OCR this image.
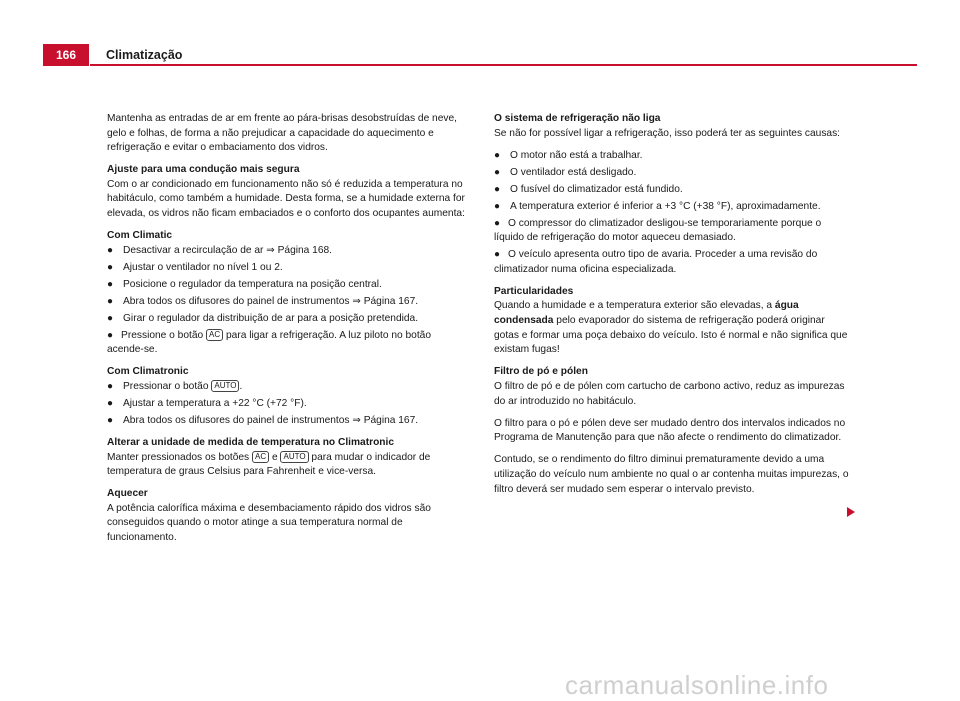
166	Climatização

Mantenha as entradas de ar em frente ao pára-brisas desobstruídas de neve, gelo e folhas, de forma a não prejudicar a capacidade do aquecimento e refrigeração e evitar o embaciamento dos vidros.

Ajuste para uma condução mais segura

Com o ar condicionado em funcionamento não só é reduzida a temperatura no habitáculo, como também a humidade. Desta forma, se a humidade externa for elevada, os vidros não ficam embaciados e o conforto dos ocupantes aumenta:

Com Climatic
● Desactivar a recirculação de ar ⇒ Página 168.
● Ajustar o ventilador no nível 1 ou 2.
● Posicione o regulador da temperatura na posição central.
● Abra todos os difusores do painel de instrumentos ⇒ Página 167.
● Girar o regulador da distribuição de ar para a posição pretendida.
● Pressione o botão AC para ligar a refrigeração. A luz piloto no botão acende-se.
Com Climatronic
● Pressionar o botão AUTO .
● Ajustar a temperatura a +22 °C (+72 °F).
● Abra todos os difusores do painel de instrumentos ⇒ Página 167.
Alterar a unidade de medida de temperatura no Climatronic

Manter pressionados os botões AC e AUTO para mudar o indicador de temperatura de graus Celsius para Fahrenheit e vice-versa.

Aquecer

A potência calorífica máxima e desembaciamento rápido dos vidros são conseguidos quando o motor atinge a sua temperatura normal de funcionamento.

O sistema de refrigeração não liga

Se não for possível ligar a refrigeração, isso poderá ter as seguintes causas:

● O motor não está a trabalhar.
● O ventilador está desligado.
● O fusível do climatizador está fundido.
● A temperatura exterior é inferior a +3 °C (+38 °F), aproximadamente.
● O compressor do climatizador desligou-se temporariamente porque o líquido de refrigeração do motor aqueceu demasiado.
● O veículo apresenta outro tipo de avaria. Proceder a uma revisão do climatizador numa oficina especializada.
Particularidades

Quando a humidade e a temperatura exterior são elevadas, a água condensada pelo evaporador do sistema de refrigeração poderá originar gotas e formar uma poça debaixo do veículo. Isto é normal e não significa que existam fugas!

Filtro de pó e pólen

O filtro de pó e de pólen com cartucho de carbono activo, reduz as impurezas do ar introduzido no habitáculo.

O filtro para o pó e pólen deve ser mudado dentro dos intervalos indicados no Programa de Manutenção para que não afecte o rendimento do climatizador.

Contudo, se o rendimento do filtro diminui prematuramente devido a uma utilização do veículo num ambiente no qual o ar contenha muitas impurezas, o filtro deverá ser mudado sem esperar o intervalo previsto.

carmanualsonline.info
